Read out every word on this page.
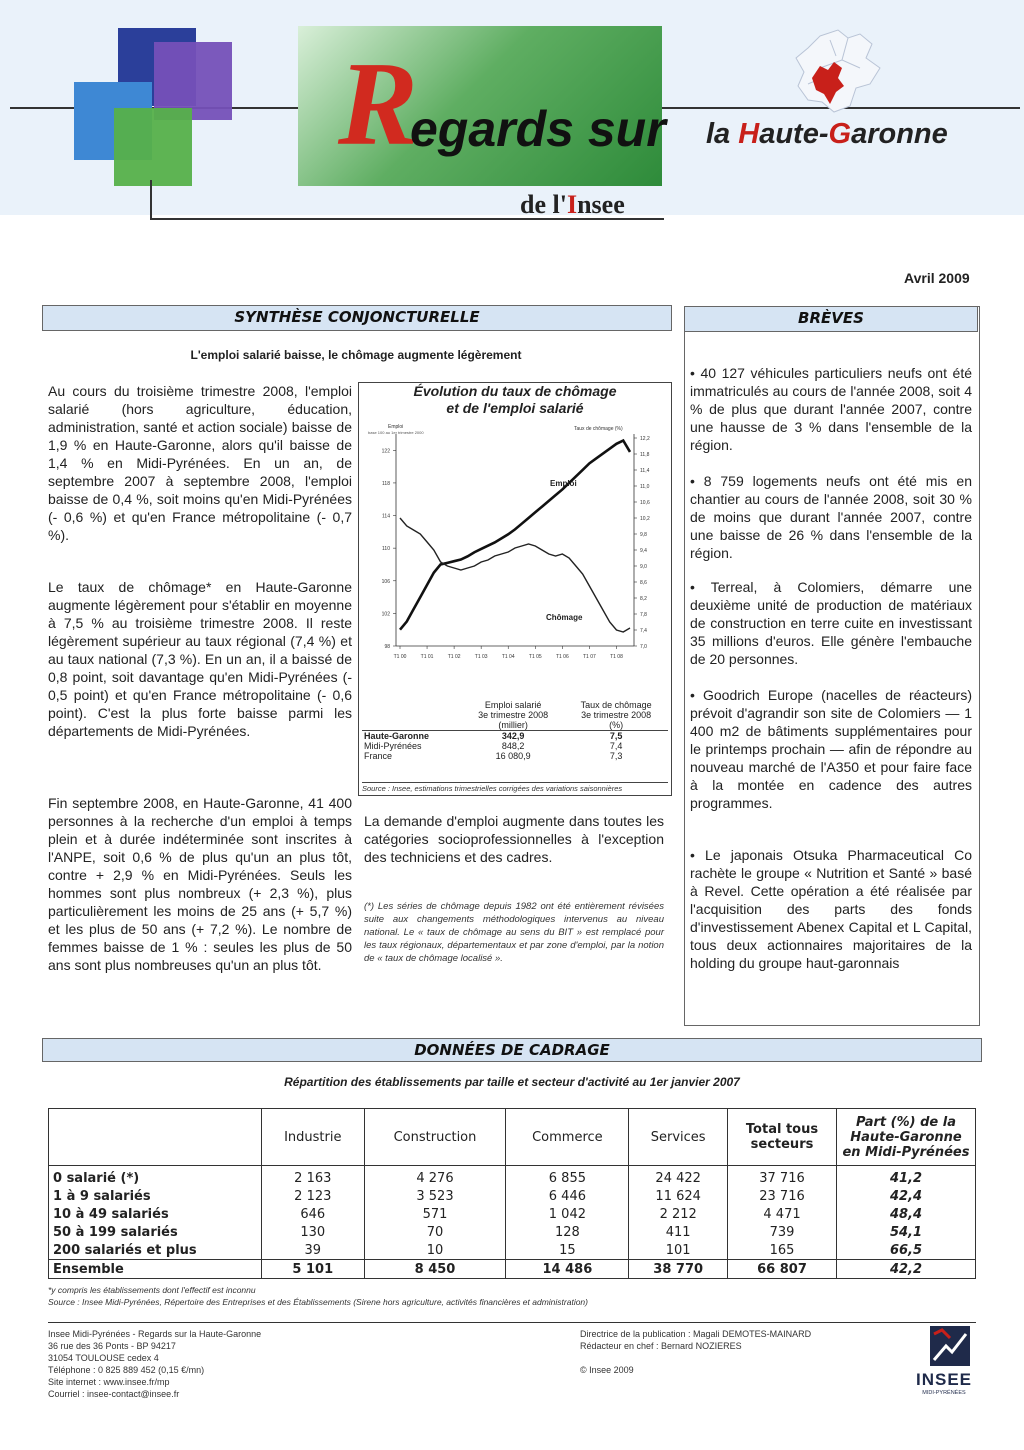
R
egards sur
de l'Insee
la Haute-Garonne
Avril 2009
SYNTHÈSE CONJONCTURELLE
L'emploi salarié baisse, le chômage augmente légèrement
Au cours du troisième trimestre 2008, l'emploi salarié (hors agriculture, éducation, administration, santé et action sociale) baisse de 1,9 % en Haute-Garonne, alors qu'il baisse de 1,4 % en Midi-Pyrénées. En un an, de septembre 2007 à septembre 2008, l'emploi baisse de 0,4 %, soit moins qu'en Midi-Pyrénées (- 0,6 %) et qu'en France métropolitaine (- 0,7 %).
Le taux de chômage* en Haute-Garonne augmente légèrement pour s'établir en moyenne à 7,5 % au troisième trimestre 2008. Il reste légèrement supérieur au taux régional (7,4 %) et au taux national (7,3 %). En un an, il a baissé de 0,8 point, soit davantage qu'en Midi-Pyrénées (- 0,5 point) et qu'en France métropolitaine (- 0,6 point). C'est la plus forte baisse parmi les départements de Midi-Pyrénées.
Fin septembre 2008, en Haute-Garonne, 41 400 personnes à la recherche d'un emploi à temps plein et à durée indéterminée sont inscrites à l'ANPE, soit 0,6 % de plus qu'un an plus tôt, contre + 2,9 % en Midi-Pyrénées. Seuls les hommes sont plus nombreux (+ 2,3 %), plus particulièrement les moins de 25 ans (+ 5,7 %) et les plus de 50 ans (+ 7,2 %). Le nombre de femmes baisse de 1 % : seules les plus de 50 ans sont plus nombreuses qu'un an plus tôt.
La demande d'emploi augmente dans toutes les catégories socioprofessionnelles à l'exception des techniciens et des cadres.
(*) Les séries de chômage depuis 1982 ont été entièrement révisées suite aux changements méthodologiques intervenus au niveau national. Le « taux de chômage au sens du BIT » est remplacé pour les taux régionaux, départementaux et par zone d'emploi, par la notion de « taux de chômage localisé ».
Évolution du taux de chômage
et de l'emploi salarié
Emploi
base 100 au 1er trimestre 2000
Taux de chômage (%)
98
102
106
110
114
118
122
7,0
7,4
7,8
8,2
8,6
9,0
9,4
9,8
10,2
10,6
11,0
11,4
11,8
12,2
T1 00	T1 01	T1 02	T1 03	T1 04	T1 05	T1 06	T1 07	T1 08
Emploi
Chômage
	Emploi salarié
3e trimestre 2008
(millier)	Taux de chômage
3e trimestre 2008
(%)
Haute-Garonne	342,9	7,5
Midi-Pyrénées	848,2	7,4
France	16 080,9	7,3
Source : Insee, estimations trimestrielles corrigées des variations saisonnières
BRÈVES
• 40 127 véhicules particuliers neufs ont été immatriculés au cours de l'année 2008, soit 4 % de plus que durant l'année 2007, contre une hausse de 3 % dans l'ensemble de la région.
• 8 759 logements neufs ont été mis en chantier au cours de l'année 2008, soit 30 % de moins que durant l'année 2007, contre une baisse de 26 % dans l'ensemble de la région.
• Terreal, à Colomiers, démarre une deuxième unité de production de matériaux de construction en terre cuite en investissant 35 millions d'euros. Elle génère l'embauche de 20 personnes.
• Goodrich Europe (nacelles de réacteurs) prévoit d'agrandir son site de Colomiers — 1 400 m2 de bâtiments supplémentaires pour le printemps prochain — afin de répondre au nouveau marché de l'A350 et pour faire face à la montée en cadence des autres programmes.
• Le japonais Otsuka Pharmaceutical Co rachète le groupe « Nutrition et Santé » basé à Revel. Cette opération a été réalisée par l'acquisition des parts des fonds d'investissement Abenex Capital et L Capital, tous deux actionnaires majoritaires de la holding du groupe haut-garonnais
DONNÉES DE CADRAGE
Répartition des établissements par taille et secteur d'activité au 1er janvier 2007
	Industrie	Construction	Commerce	Services	Total tous secteurs	Part (%) de la Haute-Garonne en Midi-Pyrénées
0 salarié (*)	2 163	4 276	6 855	24 422	37 716	41,2
1 à 9 salariés	2 123	3 523	6 446	11 624	23 716	42,4
10 à 49 salariés	646	571	1 042	2 212	4 471	48,4
50 à 199 salariés	130	70	128	411	739	54,1
200 salariés et plus	39	10	15	101	165	66,5
Ensemble	5 101	8 450	14 486	38 770	66 807	42,2
*y compris les établissements dont l'effectif est inconnu
Source : Insee Midi-Pyrénées, Répertoire des Entreprises et des Établissements (Sirene hors agriculture, activités financières et administration)
Insee Midi-Pyrénées - Regards sur la Haute-Garonne
36 rue des 36 Ponts - BP 94217
31054 TOULOUSE cedex 4
Téléphone : 0 825 889 452 (0,15 €/mn)
Site internet : www.insee.fr/mp
Courriel : insee-contact@insee.fr
Directrice de la publication : Magali DEMOTES-MAINARD
Rédacteur en chef : Bernard NOZIERES
© Insee 2009	INSEE
MIDI-PYRÉNÉES
